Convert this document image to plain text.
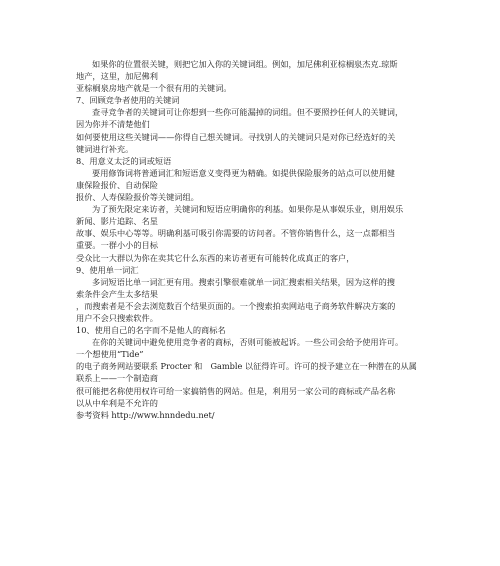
如果你的位置很关键，则把它加入你的关键词组。例如，加尼佛利亚棕榈泉杰克.琼斯
地产，这里，加尼佛利
亚棕榈泉房地产就是一个很有用的关键词。
7、回顾竞争者使用的关键词
查寻竞争者的关键词可让你想到一些你可能漏掉的词组。但不要照抄任何人的关键词，
因为你并不清楚他们
如何要使用这些关键词——你得自己想关键词。寻找别人的关键词只是对你已经选好的关
键词进行补充。
8、用意义太泛的词或短语
要用修饰词将普通词汇和短语意义变得更为精确。如提供保险服务的站点可以使用健
康保险报价、自动保险
报价、人寿保险报价等关键词组。
为了预先限定来访者，关键词和短语应明确你的利基。如果你是从事娱乐业，则用娱乐
新闻、影片追踪、名星
故事、娱乐中心等等。明确利基可吸引你需要的访问者。不管你销售什么，这一点都相当
重要。一群小小的目标
受众比一大群以为你在卖其它什么东西的来访者更有可能转化成真正的客户，
9、使用单一词汇
多词短语比单一词汇更有用。搜索引擎很难就单一词汇搜索相关结果，因为这样的搜
索条件会产生太多结果
，而搜索者是不会去浏览数百个结果页面的。一个搜索拍卖网站电子商务软件解决方案的
用户不会只搜索软件。
10、使用自己的名字而不是他人的商标名
在你的关键词中避免使用竞争者的商标，否则可能被起诉。一些公司会给予使用许可。
一个想使用“Tide”
的电子商务网站要联系 Procter 和　Gamble 以征得许可。许可的授予建立在一种潜在的从属
联系上——一个制造商
很可能把名称使用权许可给一家搞销售的网站。但是，利用另一家公司的商标或产品名称
以从中牟利是不允许的
参考资料 http://www.hnndedu.net/
